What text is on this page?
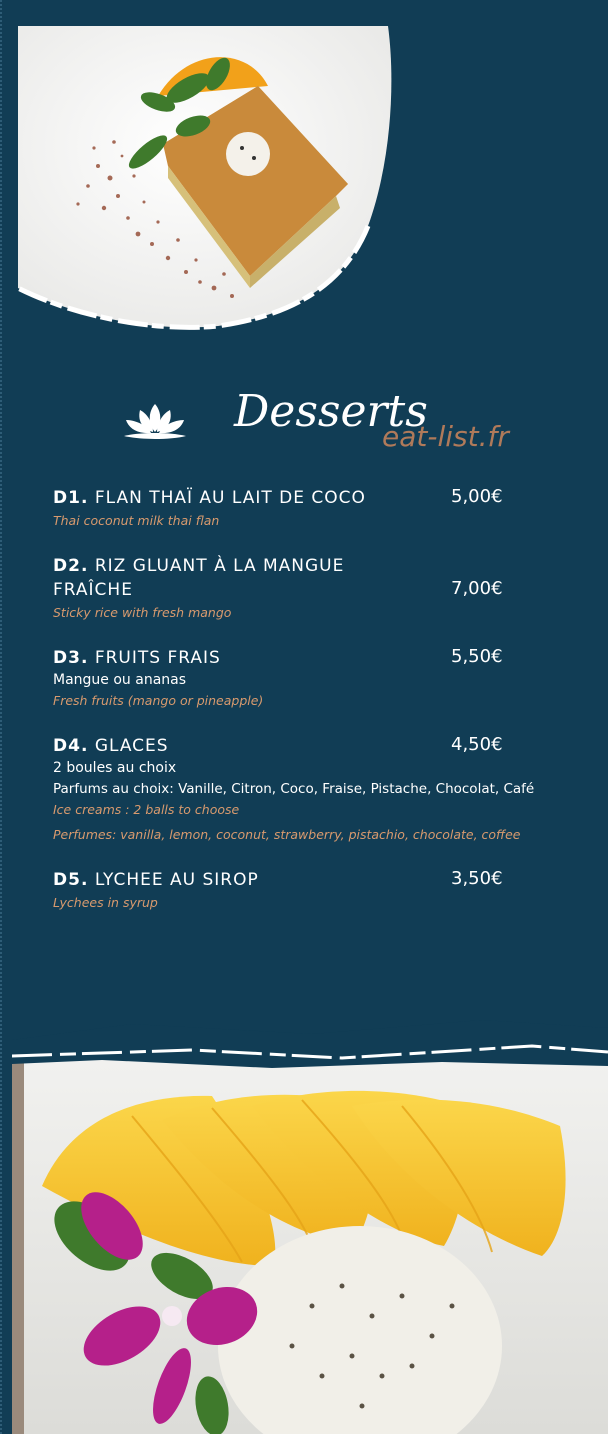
Desserts
eat-list.fr
5,00€
D1. FLAN THAÏ AU LAIT DE COCO
Thai coconut milk thai flan
7,00€
D2. RIZ GLUANT À LA MANGUE FRAÎCHE
Sticky rice with fresh mango
5,50€
D3. FRUITS FRAIS
Mangue ou ananas
Fresh fruits (mango or pineapple)
4,50€
D4. GLACES
2 boules au choix
Parfums au choix: Vanille, Citron, Coco, Fraise, Pistache, Chocolat, Café
Ice creams : 2 balls to choose
Perfumes: vanilla, lemon, coconut, strawberry, pistachio, chocolate, coffee
3,50€
D5. LYCHEE AU SIROP
Lychees in syrup
